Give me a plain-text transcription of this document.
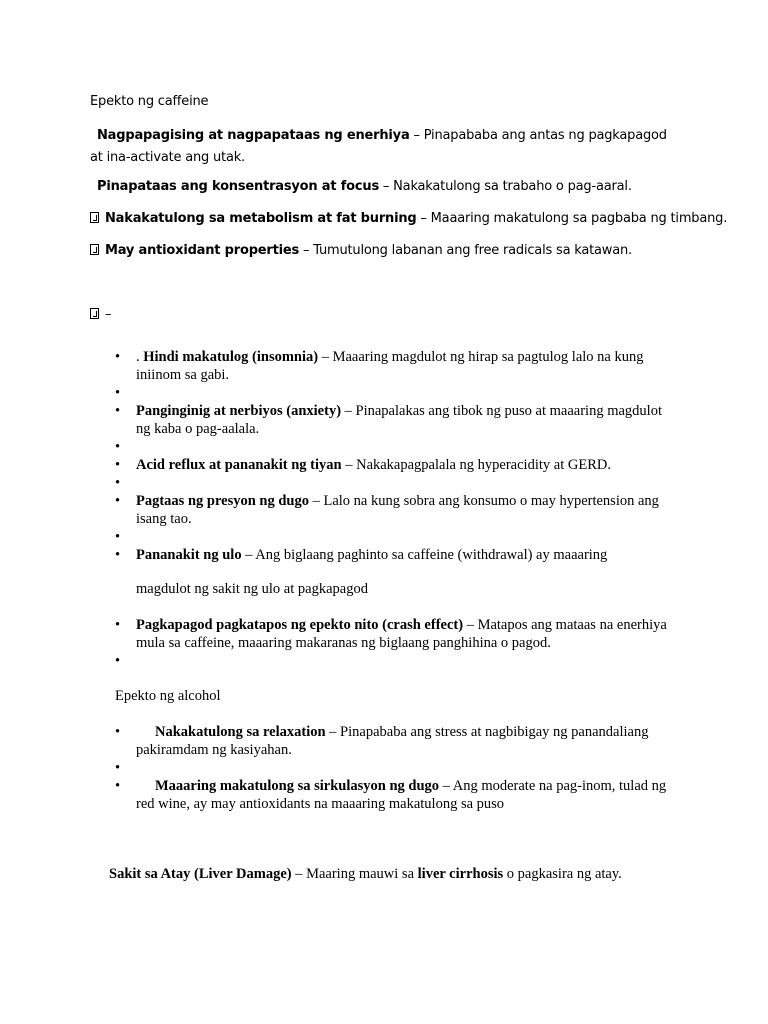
Epekto ng caffeine
Nagpapagising at nagpapataas ng enerhiya – Pinapababa ang antas ng pagkapagod at ina-activate ang utak.
Pinapataas ang konsentrasyon at focus – Nakakatulong sa trabaho o pag-aaral.
Nakakatulong sa metabolism at fat burning – Maaaring makatulong sa pagbaba ng timbang.
May antioxidant properties – Tumutulong labanan ang free radicals sa katawan.
–
• . Hindi makatulog (insomnia) – Maaaring magdulot ng hirap sa pagtulog lalo na kung iniinom sa gabi.
•
• Panginginig at nerbiyos (anxiety) – Pinapalakas ang tibok ng puso at maaaring magdulot ng kaba o pag-aalala.
•
• Acid reflux at pananakit ng tiyan – Nakakapagpalala ng hyperacidity at GERD.
•
• Pagtaas ng presyon ng dugo – Lalo na kung sobra ang konsumo o may hypertension ang isang tao.
•
• Pananakit ng ulo – Ang biglaang paghinto sa caffeine (withdrawal) ay maaaring
magdulot ng sakit ng ulo at pagkapagod
• Pagkapagod pagkatapos ng epekto nito (crash effect) – Matapos ang mataas na enerhiya mula sa caffeine, maaaring makaranas ng biglaang panghihina o pagod.
•
Epekto ng alcohol
• Nakakatulong sa relaxation – Pinapababa ang stress at nagbibigay ng panandaliang pakiramdam ng kasiyahan.
•
• Maaaring makatulong sa sirkulasyon ng dugo – Ang moderate na pag-inom, tulad ng red wine, ay may antioxidants na maaaring makatulong sa puso
Sakit sa Atay (Liver Damage) – Maaring mauwi sa liver cirrhosis o pagkasira ng atay.
